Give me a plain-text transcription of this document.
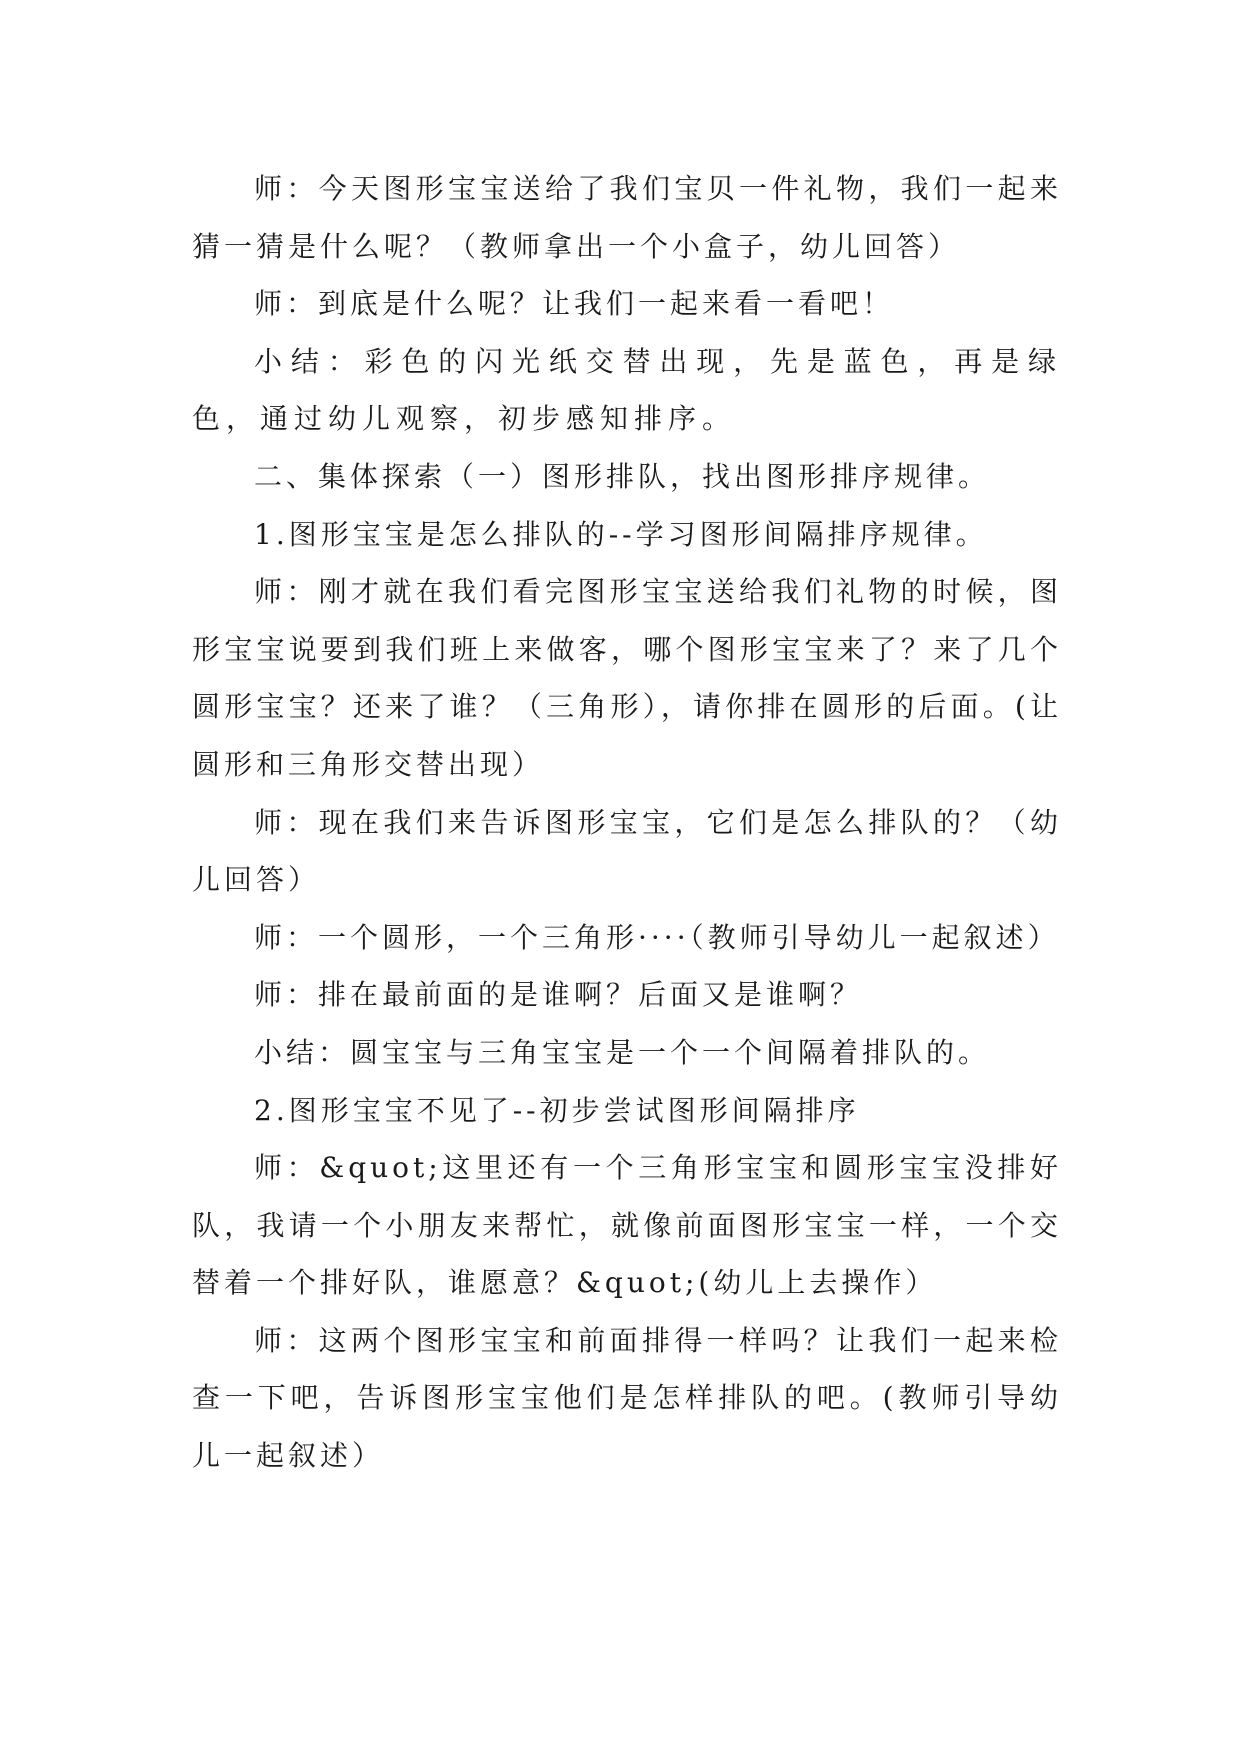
师：今天图形宝宝送给了我们宝贝一件礼物，我们一起来猜一猜是什么呢？（教师拿出一个小盒子，幼儿回答）

师：到底是什么呢？让我们一起来看一看吧！

小结：彩色的闪光纸交替出现，先是蓝色，再是绿色，通过幼儿观察，初步感知排序。

二、集体探索（一）图形排队，找出图形排序规律。

1.图形宝宝是怎么排队的--学习图形间隔排序规律。

师：刚才就在我们看完图形宝宝送给我们礼物的时候，图形宝宝说要到我们班上来做客，哪个图形宝宝来了？来了几个圆形宝宝？还来了谁？（三角形），请你排在圆形的后面。(让圆形和三角形交替出现）

师：现在我们来告诉图形宝宝，它们是怎么排队的？（幼儿回答）

师：一个圆形，一个三角形····（教师引导幼儿一起叙述）

师：排在最前面的是谁啊？后面又是谁啊？

小结：圆宝宝与三角宝宝是一个一个间隔着排队的。

2.图形宝宝不见了--初步尝试图形间隔排序

师：&quot;这里还有一个三角形宝宝和圆形宝宝没排好队，我请一个小朋友来帮忙，就像前面图形宝宝一样，一个交替着一个排好队，谁愿意？&quot;(幼儿上去操作）

师：这两个图形宝宝和前面排得一样吗？让我们一起来检查一下吧，告诉图形宝宝他们是怎样排队的吧。(教师引导幼儿一起叙述）
